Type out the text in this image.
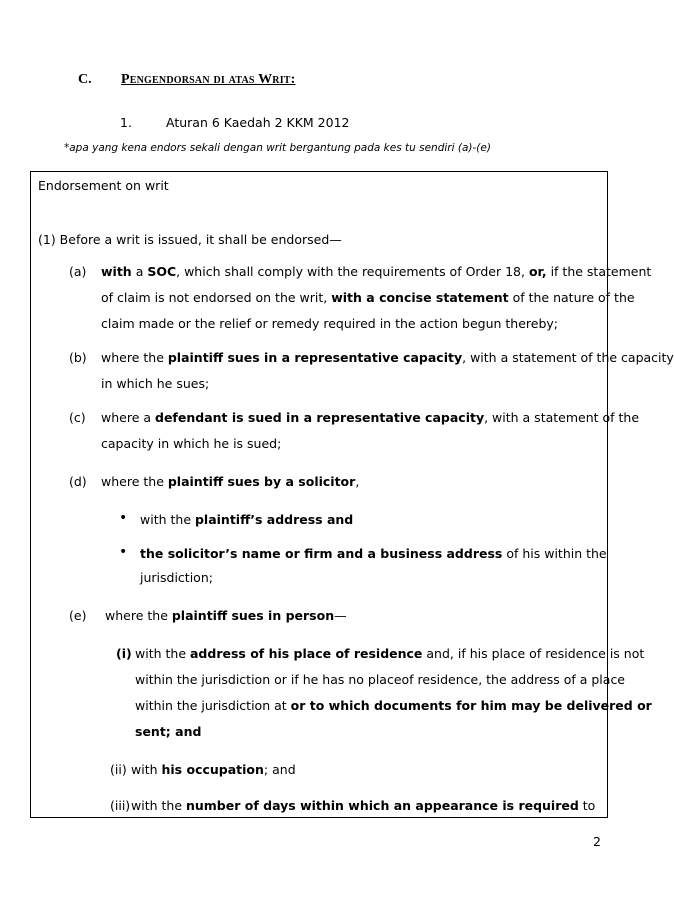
C. Pengendorsan di atas Writ:
1.	Aturan 6 Kaedah 2 KKM 2012
*apa yang kena endors sekali dengan writ bergantung pada kes tu sendiri (a)-(e)
Endorsement on writ
(1) Before a writ is issued, it shall be endorsed—
(a) with a SOC, which shall comply with the requirements of Order 18, or, if the statement
of claim is not endorsed on the writ, with a concise statement of the nature of the
claim made or the relief or remedy required in the action begun thereby;
(b) where the plaintiff sues in a representative capacity, with a statement of the capacity
in which he sues;
(c) where a defendant is sued in a representative capacity, with a statement of the
capacity in which he is sued;
(d) where the plaintiff sues by a solicitor,
• with the plaintiff’s address and
• the solicitor’s name or firm and a business address of his within the
jurisdiction;
(e) where the plaintiff sues in person—
(i) with the address of his place of residence and, if his place of residence is not
within the jurisdiction or if he has no placeof residence, the address of a place
within the jurisdiction at or to which documents for him may be delivered or
sent; and
(ii) with his occupation; and
(iii) with the number of days within which an appearance is required to
2
